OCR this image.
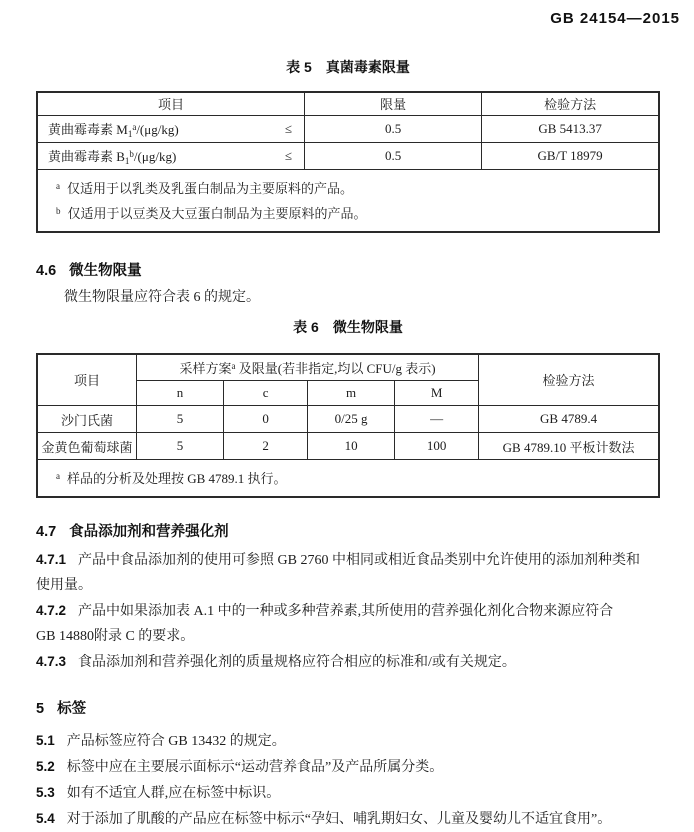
GB 24154—2015
表 5 真菌毒素限量
项目	限量	检验方法

黄曲霉毒素 $M_1^a/(\mu g/kg)$ ≤	0.5	GB 5413.37

黄曲霉毒素 $B_1^b/(\mu g/kg)$ ≤	0.5	GB/T 18979

$^a$ 仅适用于以乳类及乳蛋白制品为主要原料的产品。
$^b$ 仅适用于以豆类及大豆蛋白制品为主要原料的产品。		
4.6 微生物限量

微生物限量应符合表 6 的规定。

表 6 微生物限量
项目	采样方案$^a$ 及限量(若非指定,均以 CFU/g 表示)				检验方法
	n	c	m	M	
沙门氏菌	5	0	0/25 g	—	GB 4789.4
金黄色葡萄球菌	5	2	10	100	GB 4789.10 平板计数法

$^a$ 样品的分析及处理按 GB 4789.1 执行。					
4.7 食品添加剂和营养强化剂
4.7.1 产品中食品添加剂的使用可参照 GB 2760 中相同或相近食品类别中允许使用的添加剂种类和
使用量。
4.7.2 产品中如果添加表 A.1 中的一种或多种营养素,其所使用的营养强化剂化合物来源应符合
GB 14880附录 C 的要求。
4.7.3 食品添加剂和营养强化剂的质量规格应符合相应的标准和/或有关规定。
5 标签
5.1 产品标签应符合 GB 13432 的规定。
5.2 标签中应在主要展示面标示“运动营养食品”及产品所属分类。
5.3 如有不适宜人群,应在标签中标识。
5.4 对于添加了肌酸的产品应在标签中标示“孕妇、哺乳期妇女、儿童及婴幼儿不适宜食用”。
